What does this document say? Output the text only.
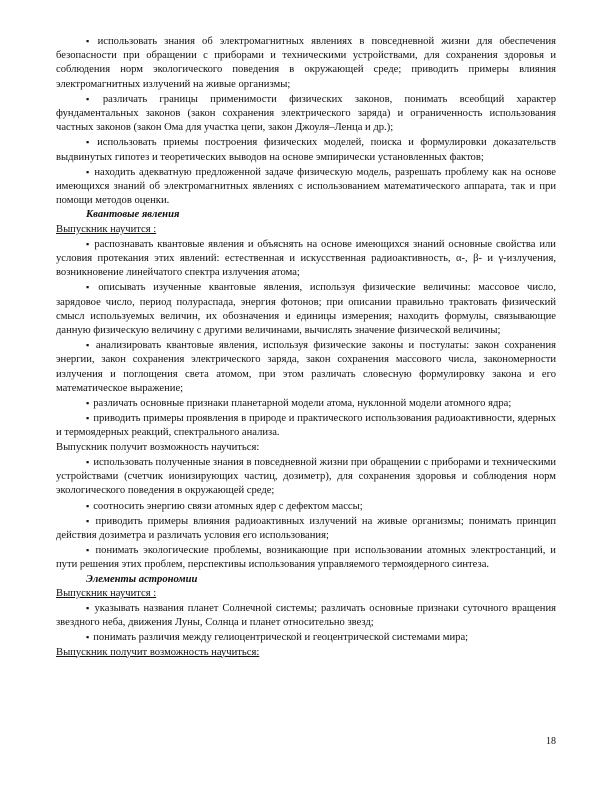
▪ использовать знания об электромагнитных явлениях в повседневной жизни для обеспечения безопасности при обращении с приборами и техническими устройствами, для сохранения здоровья и соблюдения норм экологического поведения в окружающей среде; приводить примеры влияния электромагнитных излучений на живые организмы;

▪ различать границы применимости физических законов, понимать всеобщий характер фундаментальных законов (закон сохранения электрического заряда) и ограниченность использования частных законов (закон Ома для участка цепи, закон Джоуля–Ленца и др.);

▪ использовать приемы построения физических моделей, поиска и формулировки доказательств выдвинутых гипотез и теоретических выводов на основе эмпирически установленных фактов;

▪ находить адекватную предложенной задаче физическую модель, разрешать проблему как на основе имеющихся знаний об электромагнитных явлениях с использованием математического аппарата, так и при помощи методов оценки.

Квантовые явления

Выпускник научится :

▪ распознавать квантовые явления и объяснять на основе имеющихся знаний основные свойства или условия протекания этих явлений: естественная и искусственная радиоактивность, α-, β- и γ-излучения, возникновение линейчатого спектра излучения атома;

▪ описывать изученные квантовые явления, используя физические величины: массовое число, зарядовое число, период полураспада, энергия фотонов; при описании правильно трактовать физический смысл используемых величин, их обозначения и единицы измерения; находить формулы, связывающие данную физическую величину с другими величинами, вычислять значение физической величины;

▪ анализировать квантовые явления, используя физические законы и постулаты: закон сохранения энергии, закон сохранения электрического заряда, закон сохранения массового числа, закономерности излучения и поглощения света атомом, при этом различать словесную формулировку закона и его математическое выражение;

▪ различать основные признаки планетарной модели атома, нуклонной модели атомного ядра;

▪ приводить примеры проявления в природе и практического использования радиоактивности, ядерных и термоядерных реакций, спектрального анализа.

Выпускник получит возможность научиться:

▪ использовать полученные знания в повседневной жизни при обращении с приборами и техническими устройствами (счетчик ионизирующих частиц, дозиметр), для сохранения здоровья и соблюдения норм экологического поведения в окружающей среде;

▪ соотносить энергию связи атомных ядер с дефектом массы;

▪ приводить примеры влияния радиоактивных излучений на живые организмы; понимать принцип действия дозиметра и различать условия его использования;

▪ понимать экологические проблемы, возникающие при использовании атомных электростанций, и пути решения этих проблем, перспективы использования управляемого термоядерного синтеза.

Элементы астрономии

Выпускник научится :

▪ указывать названия планет Солнечной системы; различать основные признаки суточного вращения звездного неба, движения Луны, Солнца и планет относительно звезд;

▪ понимать различия между гелиоцентрической и геоцентрической системами мира;

Выпускник получит возможность научиться:

18
